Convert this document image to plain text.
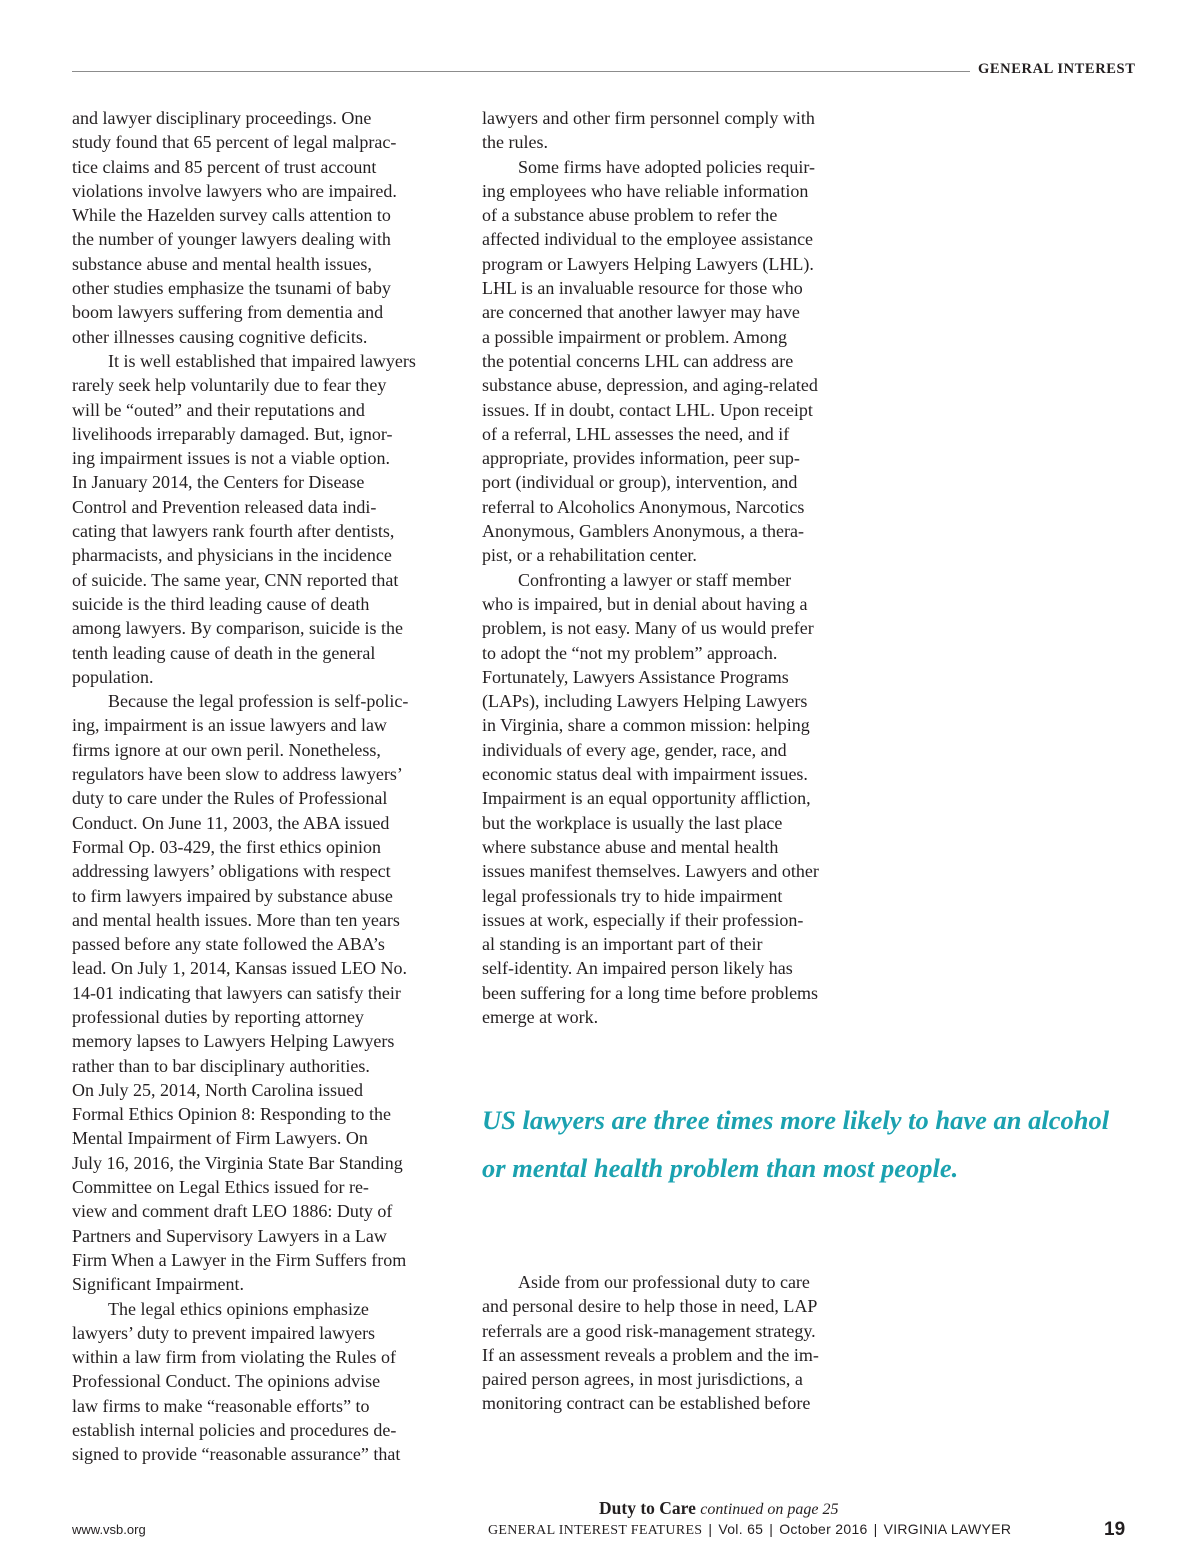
GENERAL INTEREST
and lawyer disciplinary proceedings. One
study found that 65 percent of legal malprac-
tice claims and 85 percent of trust account
violations involve lawyers who are impaired.
While the Hazelden survey calls attention to
the number of younger lawyers dealing with
substance abuse and mental health issues,
other studies emphasize the tsunami of baby
boom lawyers suffering from dementia and
other illnesses causing cognitive deficits.
It is well established that impaired lawyers
rarely seek help voluntarily due to fear they
will be “outed” and their reputations and
livelihoods irreparably damaged. But, ignor-
ing impairment issues is not a viable option.
In January 2014, the Centers for Disease
Control and Prevention released data indi-
cating that lawyers rank fourth after dentists,
pharmacists, and physicians in the incidence
of suicide. The same year, CNN reported that
suicide is the third leading cause of death
among lawyers. By comparison, suicide is the
tenth leading cause of death in the general
population.
Because the legal profession is self-polic-
ing, impairment is an issue lawyers and law
firms ignore at our own peril. Nonetheless,
regulators have been slow to address lawyers’
duty to care under the Rules of Professional
Conduct. On June 11, 2003, the ABA issued
Formal Op. 03-429, the first ethics opinion
addressing lawyers’ obligations with respect
to firm lawyers impaired by substance abuse
and mental health issues. More than ten years
passed before any state followed the ABA’s
lead. On July 1, 2014, Kansas issued LEO No.
14-01 indicating that lawyers can satisfy their
professional duties by reporting attorney
memory lapses to Lawyers Helping Lawyers
rather than to bar disciplinary authorities.
On July 25, 2014, North Carolina issued
Formal Ethics Opinion 8: Responding to the
Mental Impairment of Firm Lawyers. On
July 16, 2016, the Virginia State Bar Standing
Committee on Legal Ethics issued for re-
view and comment draft LEO 1886: Duty of
Partners and Supervisory Lawyers in a Law
Firm When a Lawyer in the Firm Suffers from
Significant Impairment.
The legal ethics opinions emphasize
lawyers’ duty to prevent impaired lawyers
within a law firm from violating the Rules of
Professional Conduct. The opinions advise
law firms to make “reasonable efforts” to
establish internal policies and procedures de-
signed to provide “reasonable assurance” that
lawyers and other firm personnel comply with
the rules.
Some firms have adopted policies requir-
ing employees who have reliable information
of a substance abuse problem to refer the
affected individual to the employee assistance
program or Lawyers Helping Lawyers (LHL).
LHL is an invaluable resource for those who
are concerned that another lawyer may have
a possible impairment or problem. Among
the potential concerns LHL can address are
substance abuse, depression, and aging-related
issues. If in doubt, contact LHL. Upon receipt
of a referral, LHL assesses the need, and if
appropriate, provides information, peer sup-
port (individual or group), intervention, and
referral to Alcoholics Anonymous, Narcotics
Anonymous, Gamblers Anonymous, a thera-
pist, or a rehabilitation center.
Confronting a lawyer or staff member
who is impaired, but in denial about having a
problem, is not easy. Many of us would prefer
to adopt the “not my problem” approach.
Fortunately, Lawyers Assistance Programs
(LAPs), including Lawyers Helping Lawyers
in Virginia, share a common mission: helping
individuals of every age, gender, race, and
economic status deal with impairment issues.
Impairment is an equal opportunity affliction,
but the workplace is usually the last place
where substance abuse and mental health
issues manifest themselves. Lawyers and other
legal professionals try to hide impairment
issues at work, especially if their profession-
al standing is an important part of their
self-identity. An impaired person likely has
been suffering for a long time before problems
emerge at work.
US lawyers are three times more likely to have an alcohol
or mental health problem than most people.
Aside from our professional duty to care
and personal desire to help those in need, LAP
referrals are a good risk-management strategy.
If an assessment reveals a problem and the im-
paired person agrees, in most jurisdictions, a
monitoring contract can be established before
Duty to Care continued on page 25
www.vsb.org	GENERAL INTEREST FEATURES | Vol. 65 | October 2016 | VIRGINIA LAWYER	19
